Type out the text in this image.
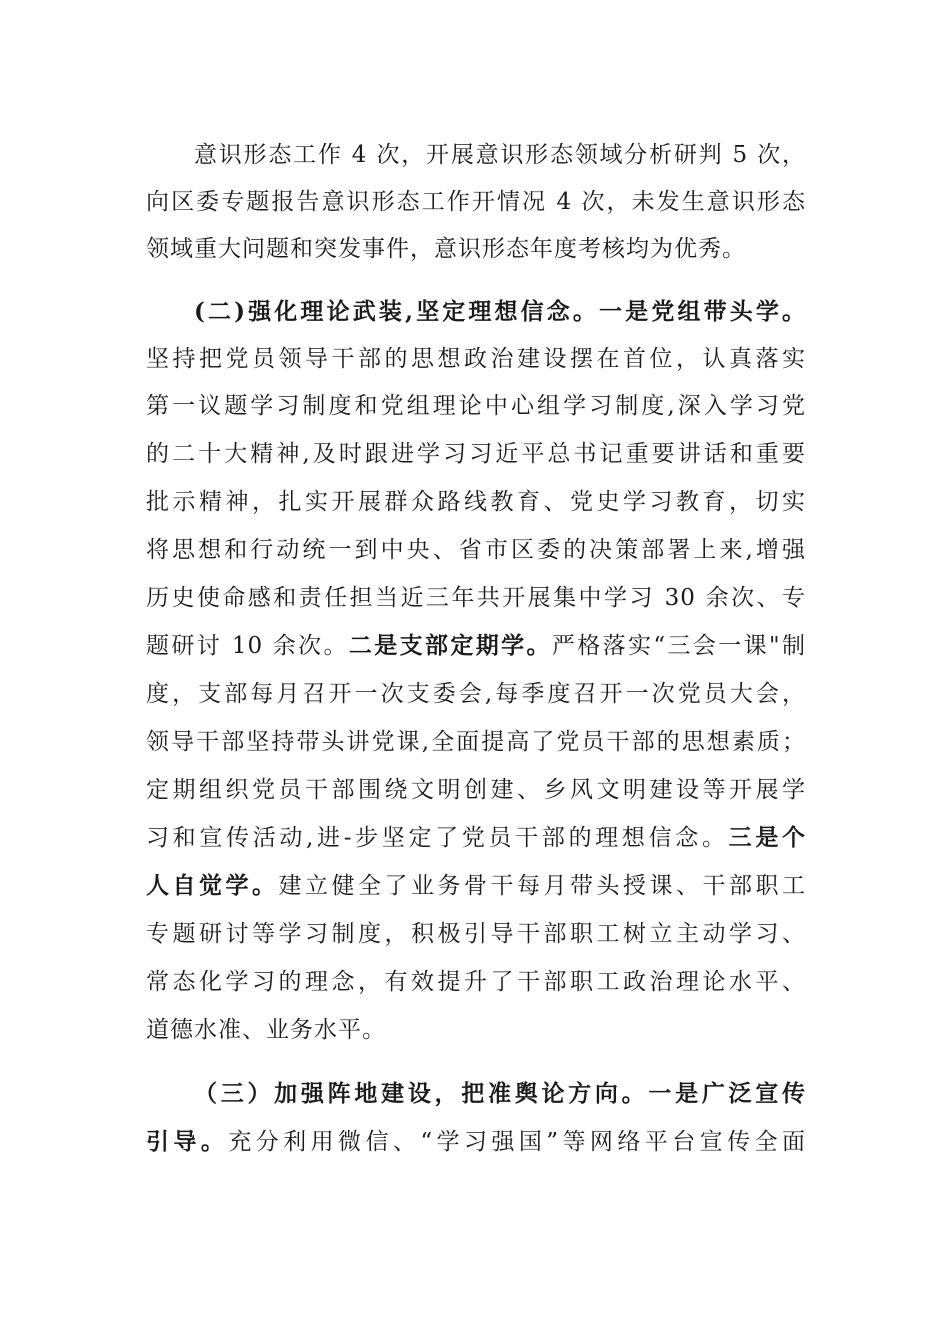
意识形态工作 4 次，开展意识形态领域分析研判 5 次，
向区委专题报告意识形态工作开情况 4 次，未发生意识形态
领域重大问题和突发事件，意识形态年度考核均为优秀。
(二)强化理论武装,坚定理想信念。一是党组带头学。
坚持把党员领导干部的思想政治建设摆在首位，认真落实
第一议题学习制度和党组理论中心组学习制度,深入学习党
的二十大精神,及时跟进学习习近平总书记重要讲话和重要
批示精神，扎实开展群众路线教育、党史学习教育，切实
将思想和行动统一到中央、省市区委的决策部署上来,增强
历史使命感和责任担当近三年共开展集中学习 30 余次、专
题研讨 10 余次。二是支部定期学。严格落实“三会一课"制
度，支部每月召开一次支委会,每季度召开一次党员大会，
领导干部坚持带头讲党课,全面提高了党员干部的思想素质；
定期组织党员干部围绕文明创建、乡风文明建设等开展学
习和宣传活动,进-步坚定了党员干部的理想信念。三是个
人自觉学。建立健全了业务骨干每月带头授课、干部职工
专题研讨等学习制度，积极引导干部职工树立主动学习、
常态化学习的理念，有效提升了干部职工政治理论水平、
道德水准、业务水平。
（三）加强阵地建设，把准舆论方向。一是广泛宣传
引导。充分利用微信、“学习强国”等网络平台宣传全面
